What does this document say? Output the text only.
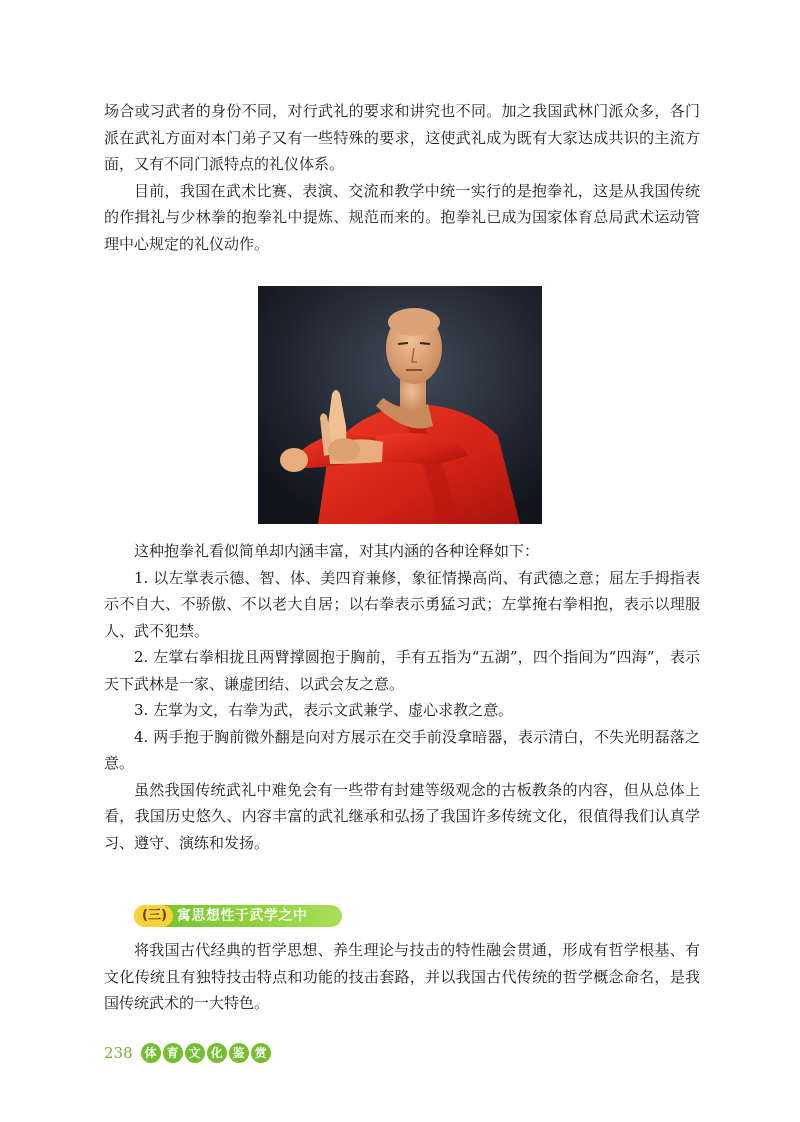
场合或习武者的身份不同，对行武礼的要求和讲究也不同。加之我国武林门派众多，各门派在武礼方面对本门弟子又有一些特殊的要求，这使武礼成为既有大家达成共识的主流方面，又有不同门派特点的礼仪体系。

目前，我国在武术比赛、表演、交流和教学中统一实行的是抱拳礼，这是从我国传统的作揖礼与少林拳的抱拳礼中提炼、规范而来的。抱拳礼已成为国家体育总局武术运动管理中心规定的礼仪动作。

这种抱拳礼看似简单却内涵丰富，对其内涵的各种诠释如下：

1. 以左掌表示德、智、体、美四育兼修，象征情操高尚、有武德之意；屈左手拇指表示不自大、不骄傲、不以老大自居；以右拳表示勇猛习武；左掌掩右拳相抱，表示以理服人、武不犯禁。

2. 左掌右拳相拢且两臂撑圆抱于胸前，手有五指为“五湖”，四个指间为“四海”，表示天下武林是一家、谦虚团结、以武会友之意。

3. 左掌为文，右拳为武，表示文武兼学、虚心求教之意。

4. 两手抱于胸前微外翻是向对方展示在交手前没拿暗器，表示清白，不失光明磊落之意。

虽然我国传统武礼中难免会有一些带有封建等级观念的古板教条的内容，但从总体上看，我国历史悠久、内容丰富的武礼继承和弘扬了我国许多传统文化，很值得我们认真学习、遵守、演练和发扬。

(三) 寓思想性于武学之中

将我国古代经典的哲学思想、养生理论与技击的特性融会贯通，形成有哲学根基、有文化传统且有独特技击特点和功能的技击套路，并以我国古代传统的哲学概念命名，是我国传统武术的一大特色。

238 体 育 文 化 鉴 赏
